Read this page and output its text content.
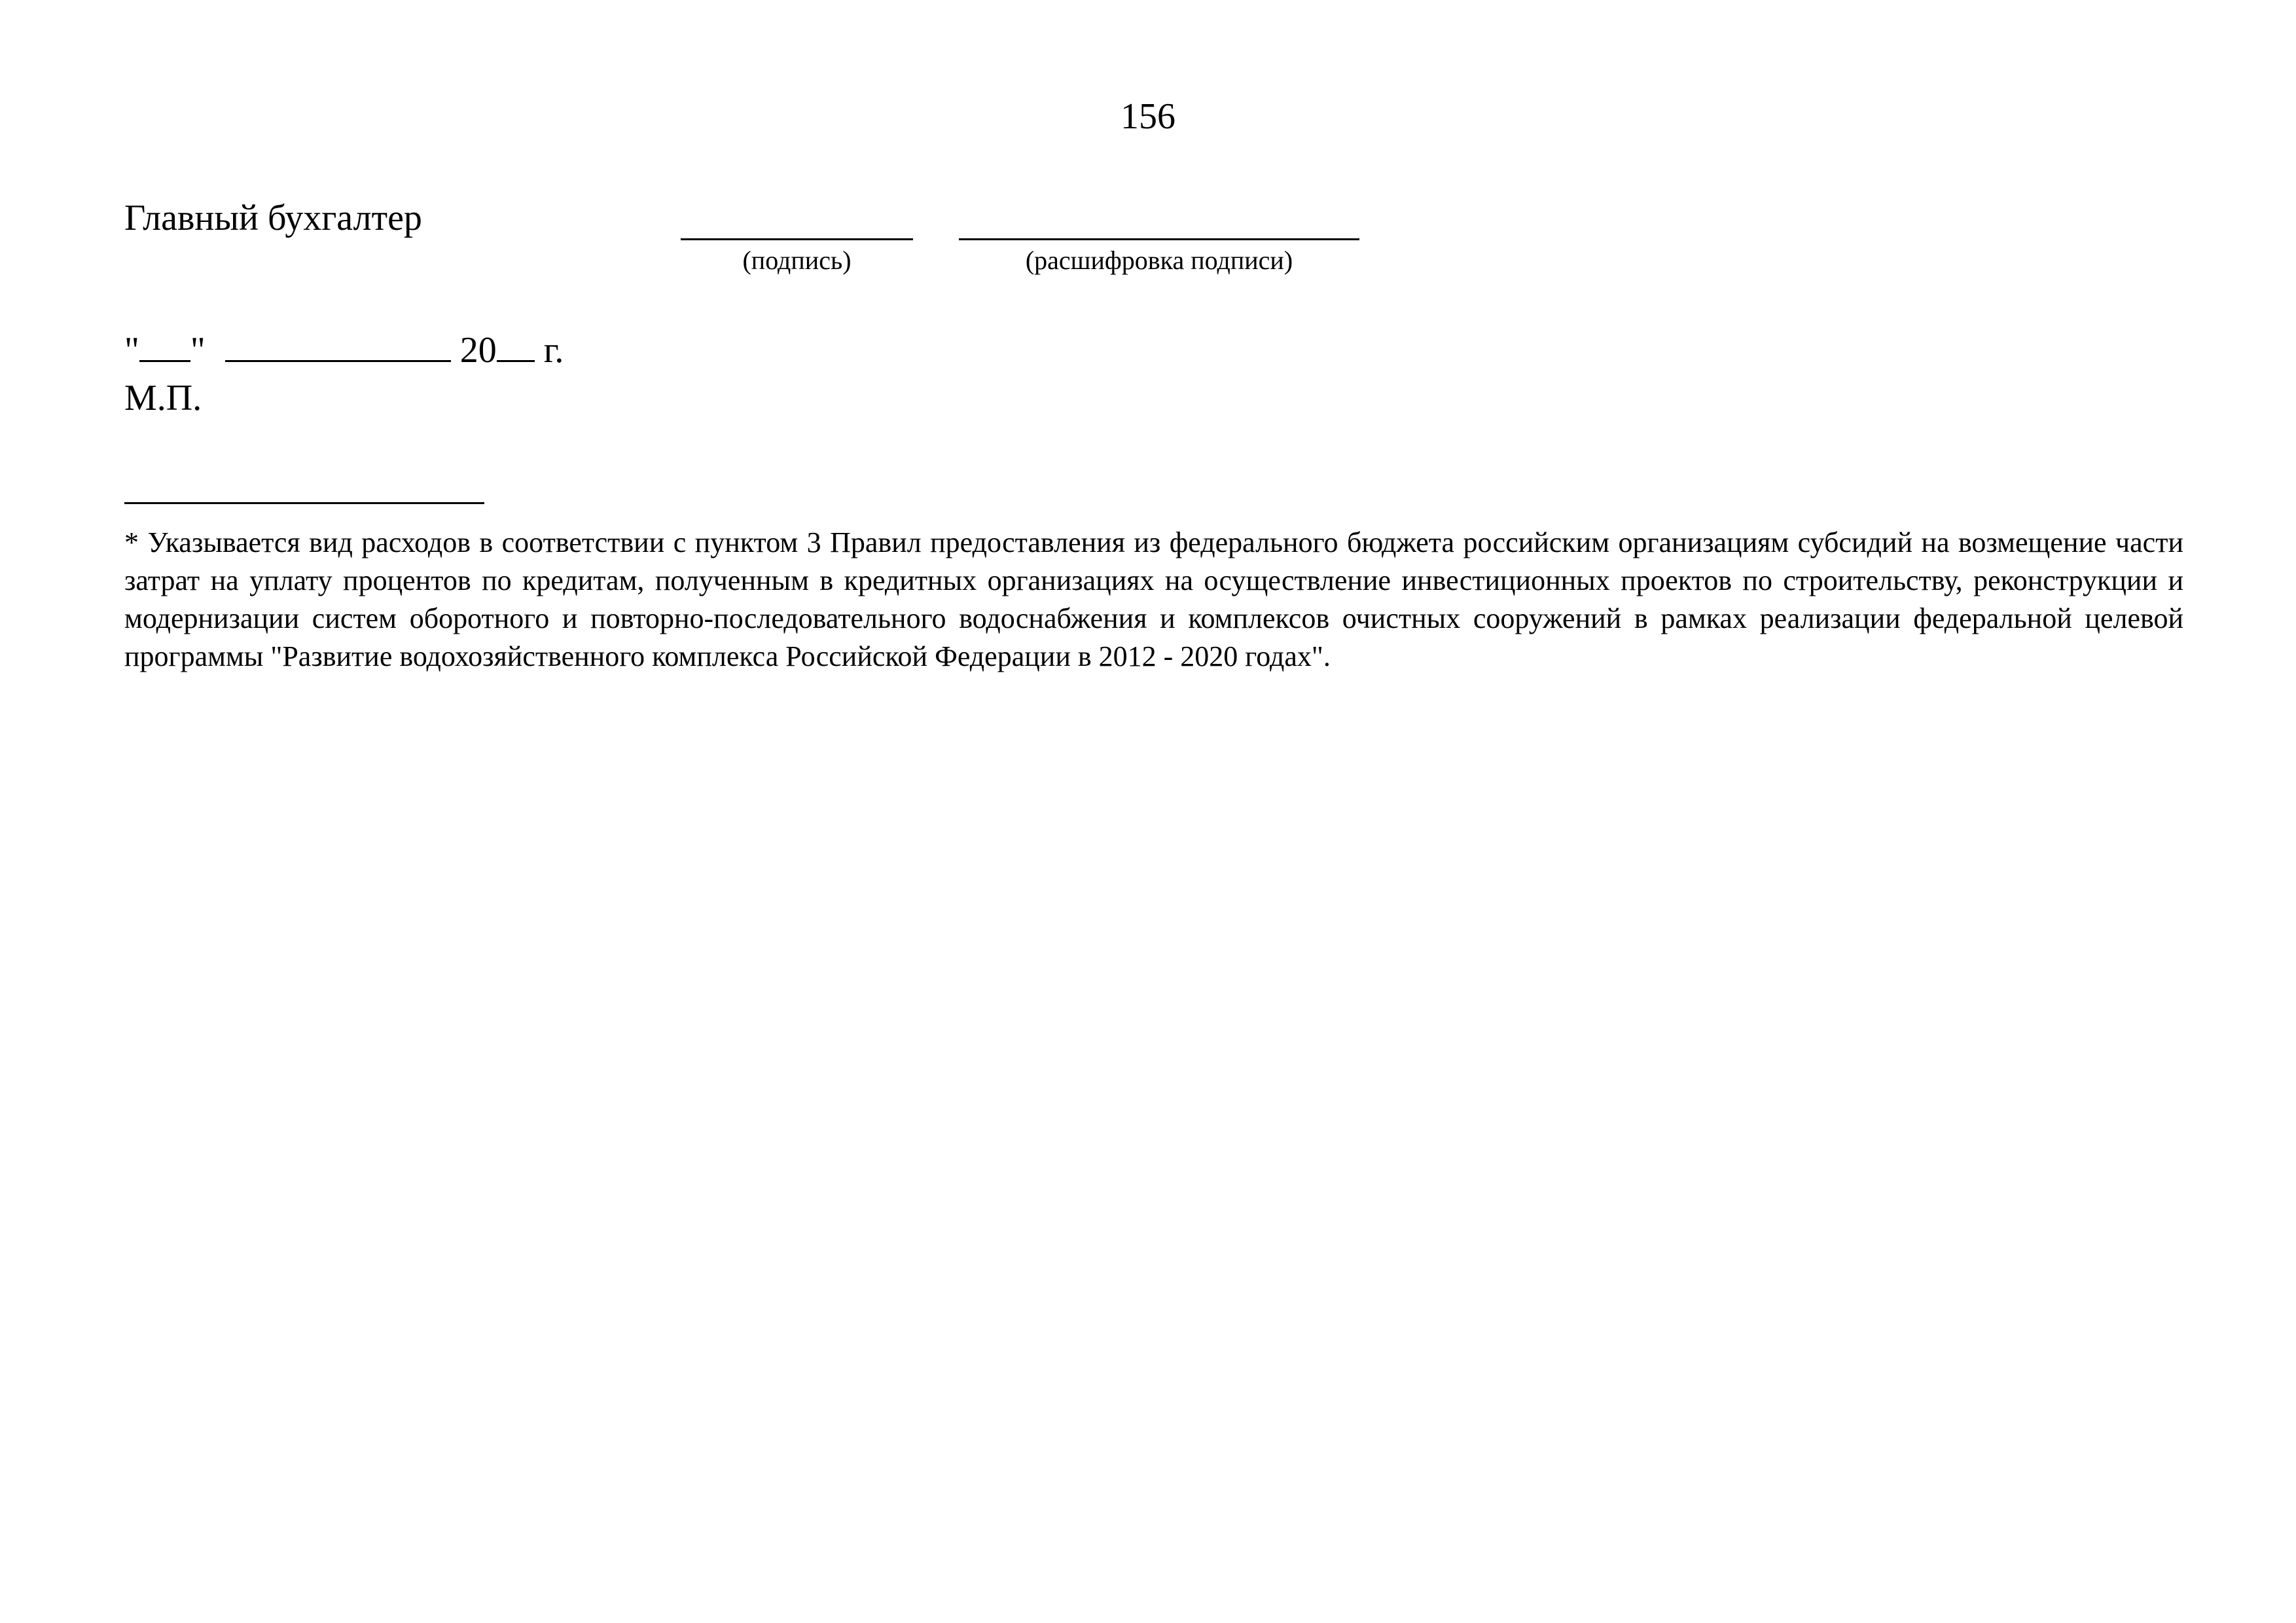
156
Главный бухгалтер
(подпись)	(расшифровка подписи)
" "	20 г.
М.П.
* Указывается вид расходов в соответствии с пунктом 3 Правил предоставления из федерального бюджета российским организациям субсидий на возмещение части затрат на уплату процентов по кредитам, полученным в кредитных организациях на осуществление инвестиционных проектов по строительству, реконструкции и модернизации систем оборотного и повторно-последовательного водоснабжения и комплексов очистных сооружений в рамках реализации федеральной целевой программы "Развитие водохозяйственного комплекса Российской Федерации в 2012 - 2020 годах".
